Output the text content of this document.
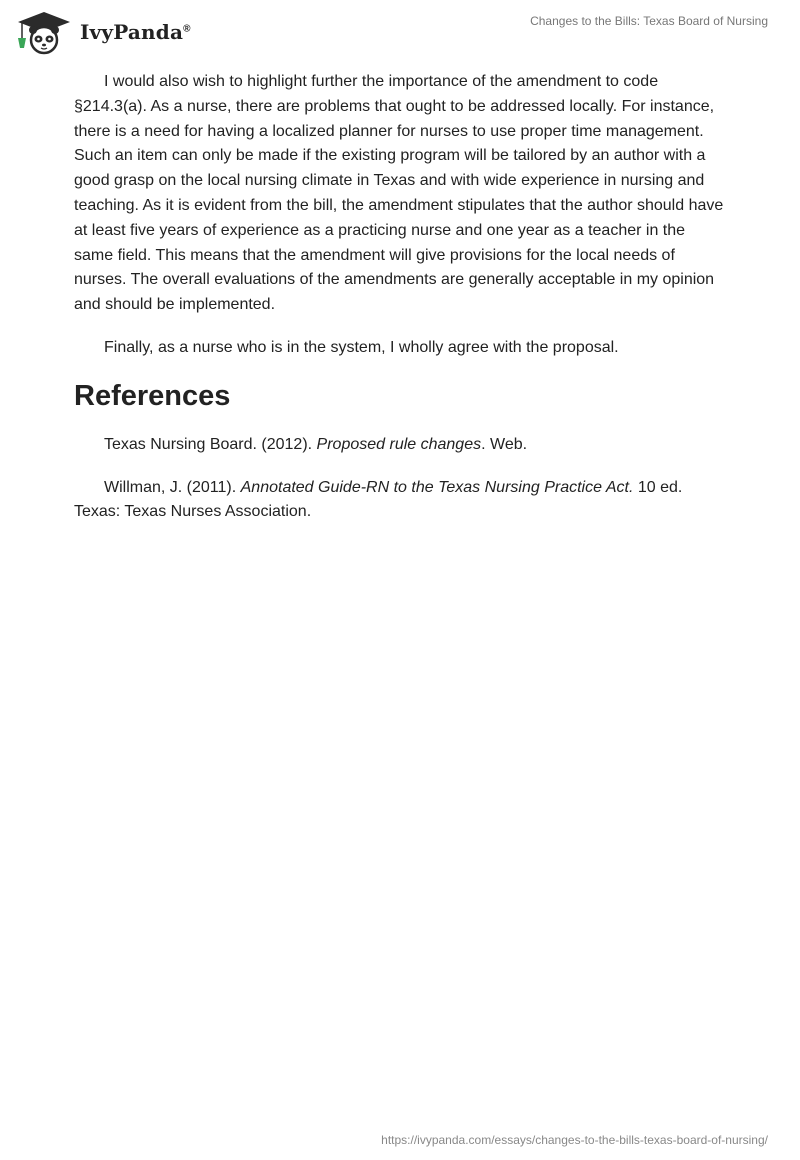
IvyPanda®
Changes to the Bills: Texas Board of Nursing

I would also wish to highlight further the importance of the amendment to code §214.3(a). As a nurse, there are problems that ought to be addressed locally. For instance, there is a need for having a localized planner for nurses to use proper time management. Such an item can only be made if the existing program will be tailored by an author with a good grasp on the local nursing climate in Texas and with wide experience in nursing and teaching. As it is evident from the bill, the amendment stipulates that the author should have at least five years of experience as a practicing nurse and one year as a teacher in the same field. This means that the amendment will give provisions for the local needs of nurses. The overall evaluations of the amendments are generally acceptable in my opinion and should be implemented.

Finally, as a nurse who is in the system, I wholly agree with the proposal.

References

Texas Nursing Board. (2012). Proposed rule changes. Web.

Willman, J. (2011). Annotated Guide-RN to the Texas Nursing Practice Act. 10 ed. Texas: Texas Nurses Association.

https://ivypanda.com/essays/changes-to-the-bills-texas-board-of-nursing/
